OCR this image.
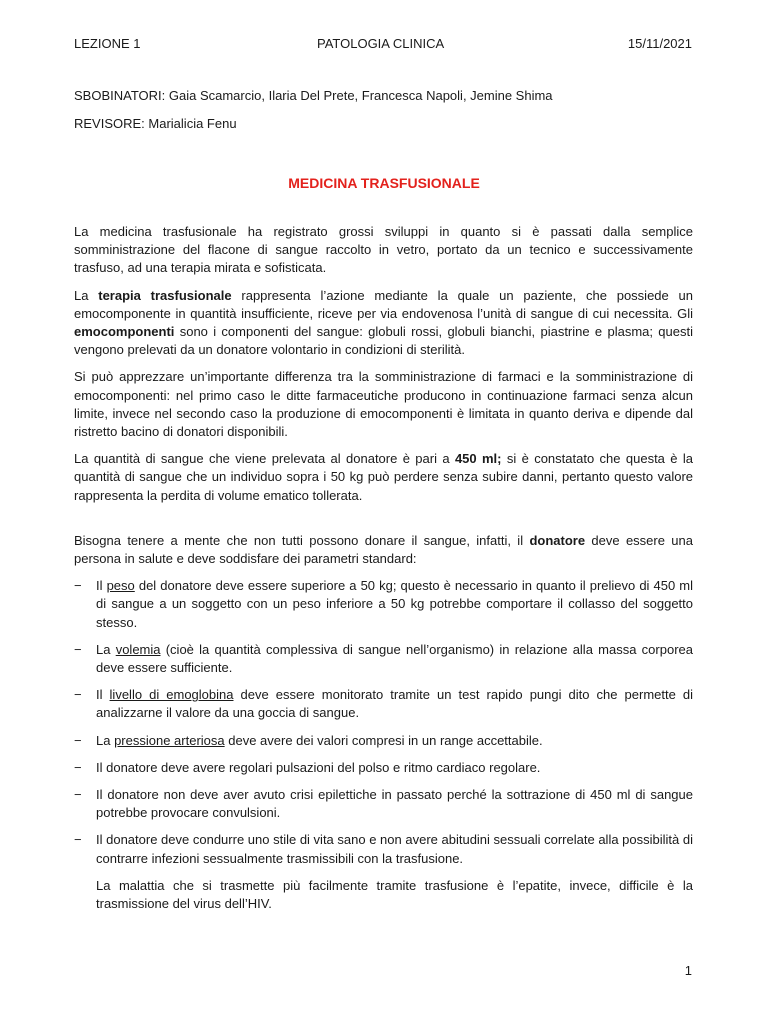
LEZIONE 1	PATOLOGIA CLINICA	15/11/2021
SBOBINATORI: Gaia Scamarcio, Ilaria Del Prete, Francesca Napoli, Jemine Shima
REVISORE: Marialicia Fenu
MEDICINA TRASFUSIONALE

La medicina trasfusionale ha registrato grossi sviluppi in quanto si è passati dalla semplice somministrazione del flacone di sangue raccolto in vetro, portato da un tecnico e successivamente trasfuso, ad una terapia mirata e sofisticata.

La terapia trasfusionale rappresenta l’azione mediante la quale un paziente, che possiede un emocomponente in quantità insufficiente, riceve per via endovenosa l’unità di sangue di cui necessita. Gli emocomponenti sono i componenti del sangue: globuli rossi, globuli bianchi, piastrine e plasma; questi vengono prelevati da un donatore volontario in condizioni di sterilità.

Si può apprezzare un’importante differenza tra la somministrazione di farmaci e la somministrazione di emocomponenti: nel primo caso le ditte farmaceutiche producono in continuazione farmaci senza alcun limite, invece nel secondo caso la produzione di emocomponenti è limitata in quanto deriva e dipende dal ristretto bacino di donatori disponibili.

La quantità di sangue che viene prelevata al donatore è pari a 450 ml; si è constatato che questa è la quantità di sangue che un individuo sopra i 50 kg può perdere senza subire danni, pertanto questo valore rappresenta la perdita di volume ematico tollerata.

Bisogna tenere a mente che non tutti possono donare il sangue, infatti, il donatore deve essere una persona in salute e deve soddisfare dei parametri standard:

− Il peso del donatore deve essere superiore a 50 kg; questo è necessario in quanto il prelievo di 450 ml di sangue a un soggetto con un peso inferiore a 50 kg potrebbe comportare il collasso del soggetto stesso.
− La volemia (cioè la quantità complessiva di sangue nell’organismo) in relazione alla massa corporea deve essere sufficiente.
− Il livello di emoglobina deve essere monitorato tramite un test rapido pungi dito che permette di analizzarne il valore da una goccia di sangue.
− La pressione arteriosa deve avere dei valori compresi in un range accettabile.
− Il donatore deve avere regolari pulsazioni del polso e ritmo cardiaco regolare.
− Il donatore non deve aver avuto crisi epilettiche in passato perché la sottrazione di 450 ml di sangue potrebbe provocare convulsioni.
− Il donatore deve condurre uno stile di vita sano e non avere abitudini sessuali correlate alla possibilità di contrarre infezioni sessualmente trasmissibili con la trasfusione.

La malattia che si trasmette più facilmente tramite trasfusione è l’epatite, invece, difficile è la trasmissione del virus dell’HIV.

1
